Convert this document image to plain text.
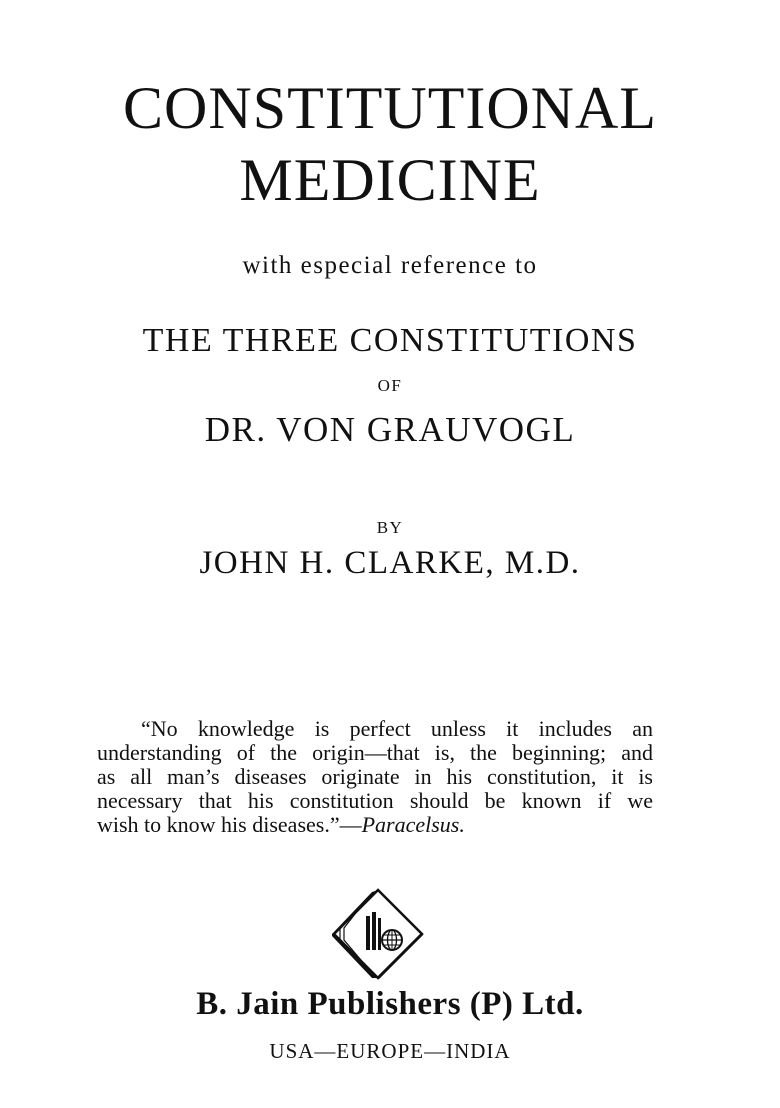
CONSTITUTIONAL
MEDICINE
with especial reference to
THE THREE CONSTITUTIONS
OF
DR. VON GRAUVOGL
BY
JOHN H. CLARKE, M.D.
“No knowledge is perfect unless it includes an
understanding of the origin—that is, the beginning; and
as all man’s diseases originate in his constitution, it is
necessary that his constitution should be known if we
wish to know his diseases.”—Paracelsus.
B. Jain Publishers (P) Ltd.
USA—EUROPE—INDIA
